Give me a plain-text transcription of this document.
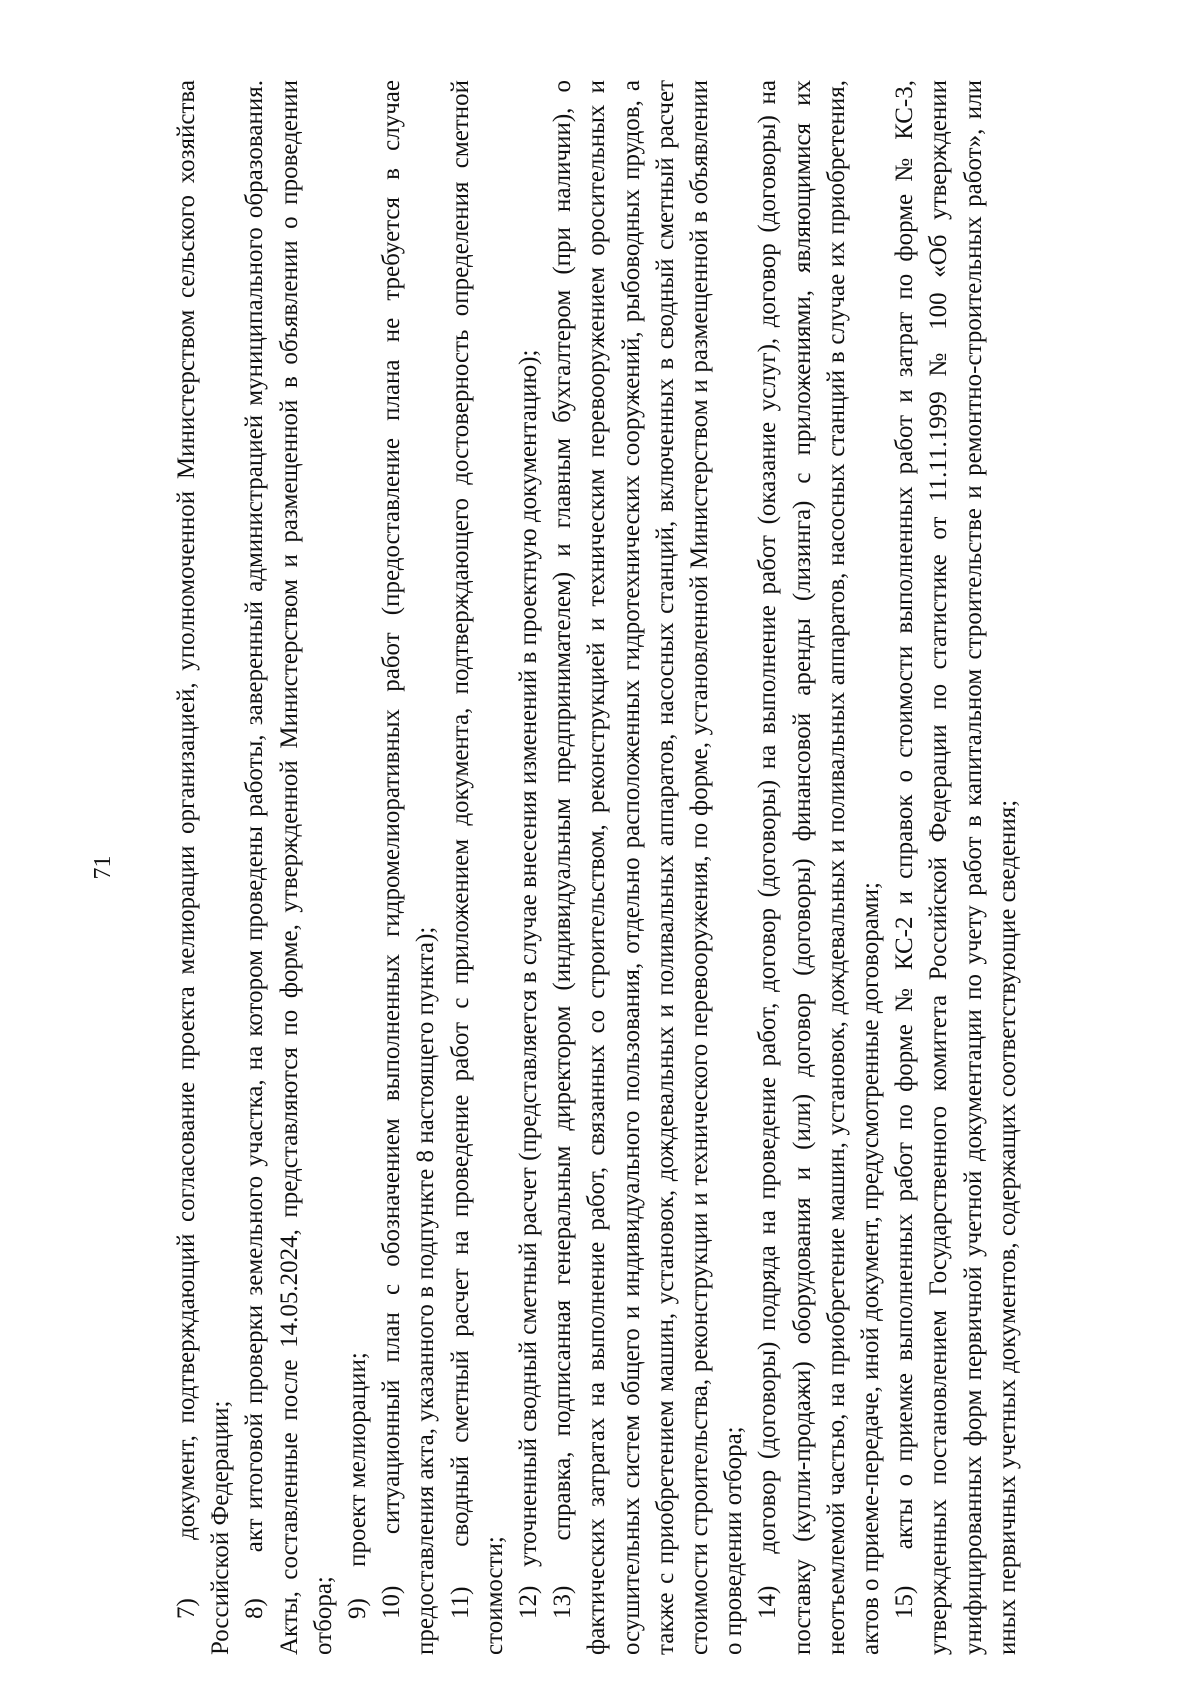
71 7)     документ, подтверждающий согласование проекта мелиорации организацией, уполномоченной Министерством сельского хозяйства Российской Федерации; 8)     акт итоговой проверки земельного участка, на котором проведены работы, заверенный администрацией муниципального образования. Акты, составленные после 14.05.2024, представляются по форме, утвержденной Министерством и размещенной в объявлении о проведении отбора; 9)     проект мелиорации; 10)   ситуационный план с обозначением выполненных гидромелиоративных работ (предоставление плана не требуется в случае предоставления акта, указанного в подпункте 8 настоящего пункта); 11)   сводный сметный расчет на проведение работ с приложением документа, подтверждающего достоверность определения сметной стоимости; 12)   уточненный сводный сметный расчет (представляется в случае внесения изменений в проектную документацию); 13)   справка, подписанная генеральным директором (индивидуальным предпринимателем) и главным бухгалтером (при наличии), о фактических затратах на выполнение работ, связанных со строительством, реконструкцией и техническим перевооружением оросительных и осушительных систем общего и индивидуального пользования, отдельно расположенных гидротехнических сооружений, рыбоводных прудов, а также с приобретением машин, установок, дождевальных и поливальных аппаратов, насосных станций, включенных в сводный сметный расчет стоимости строительства, реконструкции и технического перевооружения, по форме, установленной Министерством и размещенной в объявлении о проведении отбора; 14)   договор (договоры) подряда на проведение работ, договор (договоры) на выполнение работ (оказание услуг), договор (договоры) на поставку (купли-продажи) оборудования и (или) договор (договоры) финансовой аренды (лизинга) с приложениями, являющимися их неотъемлемой частью, на приобретение машин, установок, дождевальных и поливальных аппаратов, насосных станций в случае их приобретения, актов о приеме-передаче, иной документ, предусмотренные договорами; 15)   акты о приемке выполненных работ по форме № КС-2 и справок о стоимости выполненных работ и затрат по форме № КС-3, утвержденных постановлением Государственного комитета Российской Федерации по статистике от 11.11.1999 № 100 «Об утверждении унифицированных форм первичной учетной документации по учету работ в капитальном строительстве и ремонтно-строительных работ», или иных первичных учетных документов, содержащих соответствующие сведения;
